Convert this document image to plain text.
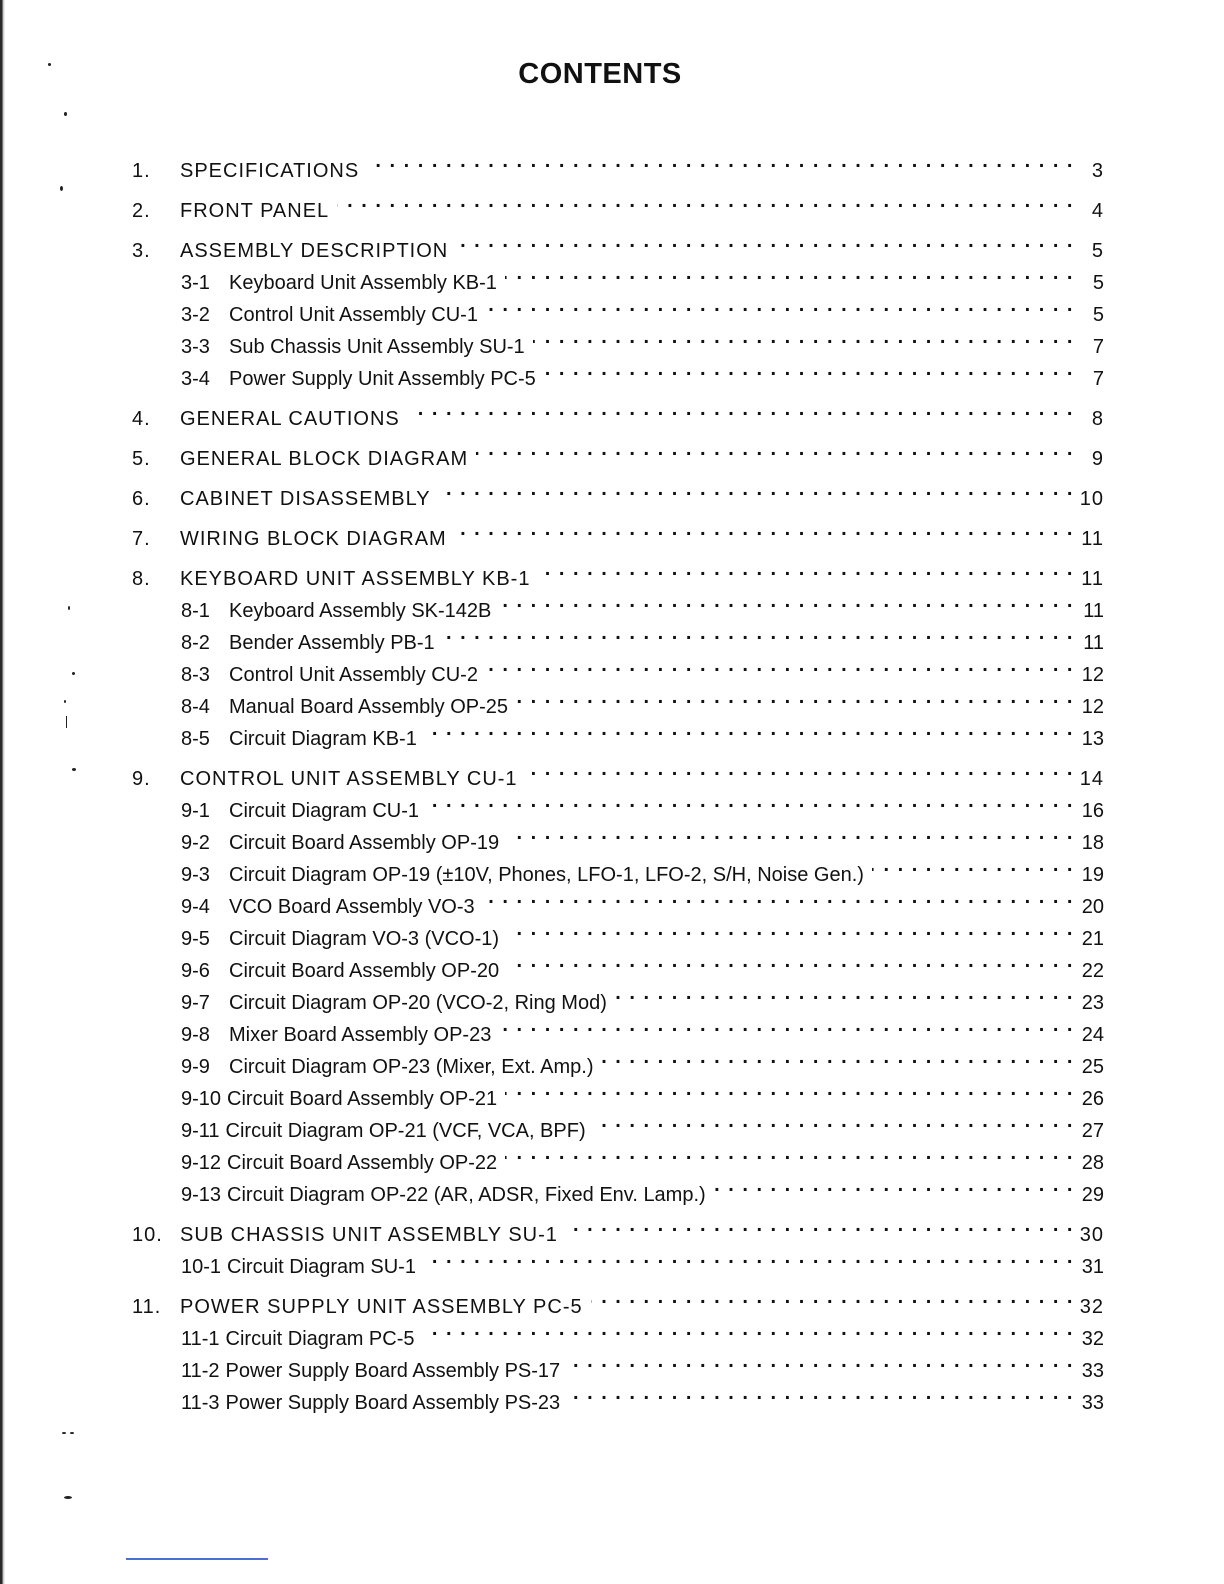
CONTENTS
1.	SPECIFICATIONS . . .	3
2.	FRONT PANEL . . .	4
3.	ASSEMBLY DESCRIPTION . . .	5
3-1 Keyboard Unit Assembly KB-1 . . .	5
3-2 Control Unit Assembly CU-1 . . .	5
3-3 Sub Chassis Unit Assembly SU-1 . . .	7
3-4 Power Supply Unit Assembly PC-5 . . .	7
4.	GENERAL CAUTIONS . . .	8
5.	GENERAL BLOCK DIAGRAM . . .	9
6.	CABINET DISASSEMBLY . . .	10
7.	WIRING BLOCK DIAGRAM . . .	11
8.	KEYBOARD UNIT ASSEMBLY KB-1 . . .	11
8-1 Keyboard Assembly SK-142B . . .	11
8-2 Bender Assembly PB-1 . . .	11
8-3 Control Unit Assembly CU-2 . . .	12
8-4 Manual Board Assembly OP-25 . . .	12
8-5 Circuit Diagram KB-1 . . .	13
9.	CONTROL UNIT ASSEMBLY CU-1 . . .	14
9-1 Circuit Diagram CU-1 . . .	16
9-2 Circuit Board Assembly OP-19 . . .	18
9-3 Circuit Diagram OP-19 (±10V, Phones, LFO-1, LFO-2, S/H, Noise Gen.) . . .	19
9-4 VCO Board Assembly VO-3 . . .	20
9-5 Circuit Diagram VO-3 (VCO-1) . . .	21
9-6 Circuit Board Assembly OP-20 . . .	22
9-7 Circuit Diagram OP-20 (VCO-2, Ring Mod) . . .	23
9-8 Mixer Board Assembly OP-23 . . .	24
9-9 Circuit Diagram OP-23 (Mixer, Ext. Amp.) . . .	25
9-10 Circuit Board Assembly OP-21 . . .	26
9-11 Circuit Diagram OP-21 (VCF, VCA, BPF) . . .	27
9-12 Circuit Board Assembly OP-22 . . .	28
9-13 Circuit Diagram OP-22 (AR, ADSR, Fixed Env. Lamp.) . . .	29
10. SUB CHASSIS UNIT ASSEMBLY SU-1 . . .	30
10-1 Circuit Diagram SU-1 . . .	31
11. POWER SUPPLY UNIT ASSEMBLY PC-5 . . .	32
11-1 Circuit Diagram PC-5 . . .	32
11-2 Power Supply Board Assembly PS-17 . . .	33
11-3 Power Supply Board Assembly PS-23 . . .	33
